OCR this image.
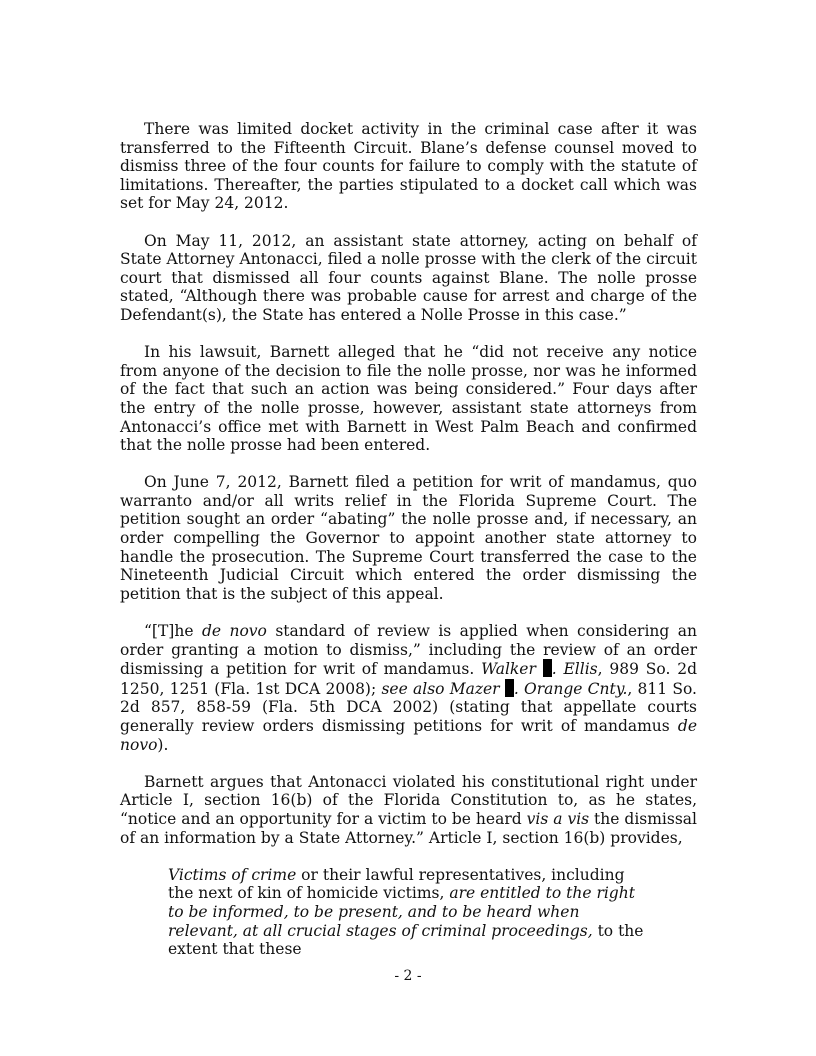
There was limited docket activity in the criminal case after it was transferred to the Fifteenth Circuit. Blane’s defense counsel moved to dismiss three of the four counts for failure to comply with the statute of limitations. Thereafter, the parties stipulated to a docket call which was set for May 24, 2012.

On May 11, 2012, an assistant state attorney, acting on behalf of State Attorney Antonacci, filed a nolle prosse with the clerk of the circuit court that dismissed all four counts against Blane. The nolle prosse stated, “Although there was probable cause for arrest and charge of the Defendant(s), the State has entered a Nolle Prosse in this case.”

In his lawsuit, Barnett alleged that he “did not receive any notice from anyone of the decision to file the nolle prosse, nor was he informed of the fact that such an action was being considered.” Four days after the entry of the nolle prosse, however, assistant state attorneys from Antonacci’s office met with Barnett in West Palm Beach and confirmed that the nolle prosse had been entered.

On June 7, 2012, Barnett filed a petition for writ of mandamus, quo warranto and/or all writs relief in the Florida Supreme Court. The petition sought an order “abating” the nolle prosse and, if necessary, an order compelling the Governor to appoint another state attorney to handle the prosecution. The Supreme Court transferred the case to the Nineteenth Judicial Circuit which entered the order dismissing the petition that is the subject of this appeal.

“[T]he de novo standard of review is applied when considering an order granting a motion to dismiss,” including the review of an order dismissing a petition for writ of mandamus. Walker . Ellis, 989 So. 2d 1250, 1251 (Fla. 1st DCA 2008); see also Mazer . Orange Cnty., 811 So. 2d 857, 858-59 (Fla. 5th DCA 2002) (stating that appellate courts generally review orders dismissing petitions for writ of mandamus de novo).

Barnett argues that Antonacci violated his constitutional right under Article I, section 16(b) of the Florida Constitution to, as he states, “notice and an opportunity for a victim to be heard vis a vis the dismissal of an information by a State Attorney.” Article I, section 16(b) provides,

Victims of crime or their lawful representatives, including the next of kin of homicide victims, are entitled to the right to be informed, to be present, and to be heard when relevant, at all crucial stages of criminal proceedings, to the extent that these

- 2 -
